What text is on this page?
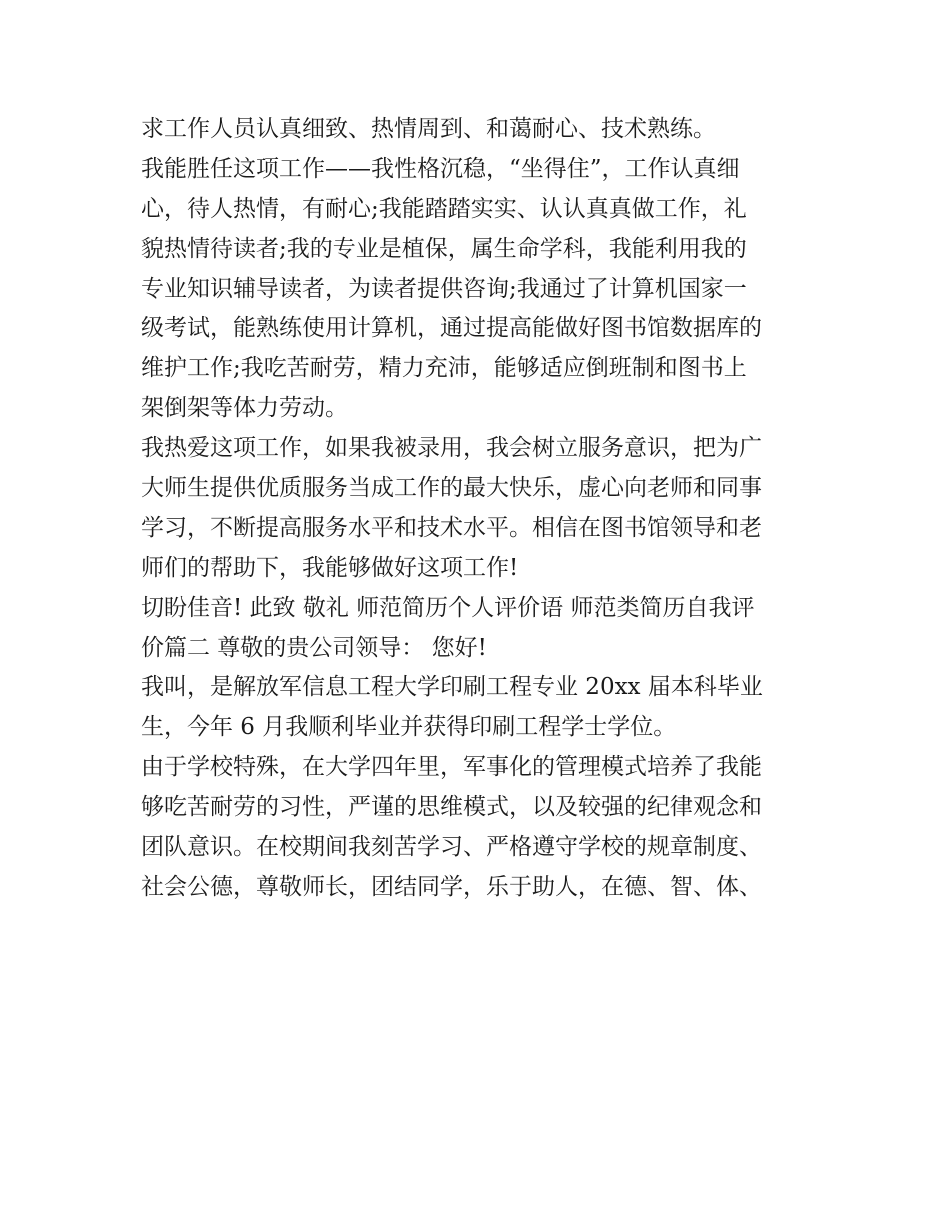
求工作人员认真细致、热情周到、和蔼耐心、技术熟练。

我能胜任这项工作——我性格沉稳，“坐得住”，工作认真细

心，待人热情，有耐心;我能踏踏实实、认认真真做工作，礼

貌热情待读者;我的专业是植保，属生命学科，我能利用我的

专业知识辅导读者，为读者提供咨询;我通过了计算机国家一

级考试，能熟练使用计算机，通过提高能做好图书馆数据库的

维护工作;我吃苦耐劳，精力充沛，能够适应倒班制和图书上

架倒架等体力劳动。

我热爱这项工作，如果我被录用，我会树立服务意识，把为广

大师生提供优质服务当成工作的最大快乐，虚心向老师和同事

学习，不断提高服务水平和技术水平。相信在图书馆领导和老

师们的帮助下，我能够做好这项工作!

切盼佳音! 此致 敬礼 师范简历个人评价语 师范类简历自我评

价篇二 尊敬的贵公司领导： 您好!

我叫，是解放军信息工程大学印刷工程专业 20xx 届本科毕业

生，今年 6 月我顺利毕业并获得印刷工程学士学位。

由于学校特殊，在大学四年里，军事化的管理模式培养了我能

够吃苦耐劳的习性，严谨的思维模式，以及较强的纪律观念和

团队意识。在校期间我刻苦学习、严格遵守学校的规章制度、

社会公德，尊敬师长，团结同学，乐于助人，在德、智、体、
